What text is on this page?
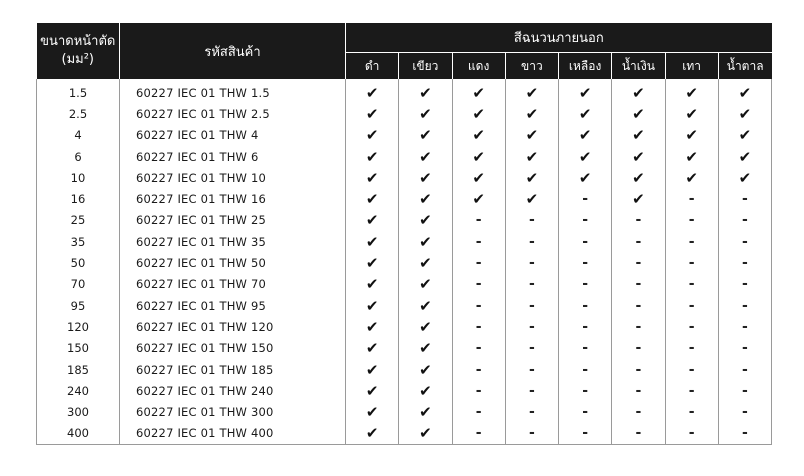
ขนาดหน้าตัด
(มม²)	รหัสสินค้า	สีฉนวนภายนอก							
		ดำ	เขียว	แดง	ขาว	เหลือง	น้ำเงิน	เทา	น้ำตาล
1.5	60227 IEC 01 THW 1.5	✔	✔	✔	✔	✔	✔	✔	✔
2.5	60227 IEC 01 THW 2.5	✔	✔	✔	✔	✔	✔	✔	✔
4	60227 IEC 01 THW 4	✔	✔	✔	✔	✔	✔	✔	✔
6	60227 IEC 01 THW 6	✔	✔	✔	✔	✔	✔	✔	✔
10	60227 IEC 01 THW 10	✔	✔	✔	✔	✔	✔	✔	✔
16	60227 IEC 01 THW 16	✔	✔	✔	✔	-	✔	-	-
25	60227 IEC 01 THW 25	✔	✔	-	-	-	-	-	-
35	60227 IEC 01 THW 35	✔	✔	-	-	-	-	-	-
50	60227 IEC 01 THW 50	✔	✔	-	-	-	-	-	-
70	60227 IEC 01 THW 70	✔	✔	-	-	-	-	-	-
95	60227 IEC 01 THW 95	✔	✔	-	-	-	-	-	-
120	60227 IEC 01 THW 120	✔	✔	-	-	-	-	-	-
150	60227 IEC 01 THW 150	✔	✔	-	-	-	-	-	-
185	60227 IEC 01 THW 185	✔	✔	-	-	-	-	-	-
240	60227 IEC 01 THW 240	✔	✔	-	-	-	-	-	-
300	60227 IEC 01 THW 300	✔	✔	-	-	-	-	-	-
400	60227 IEC 01 THW 400	✔	✔	-	-	-	-	-	-
